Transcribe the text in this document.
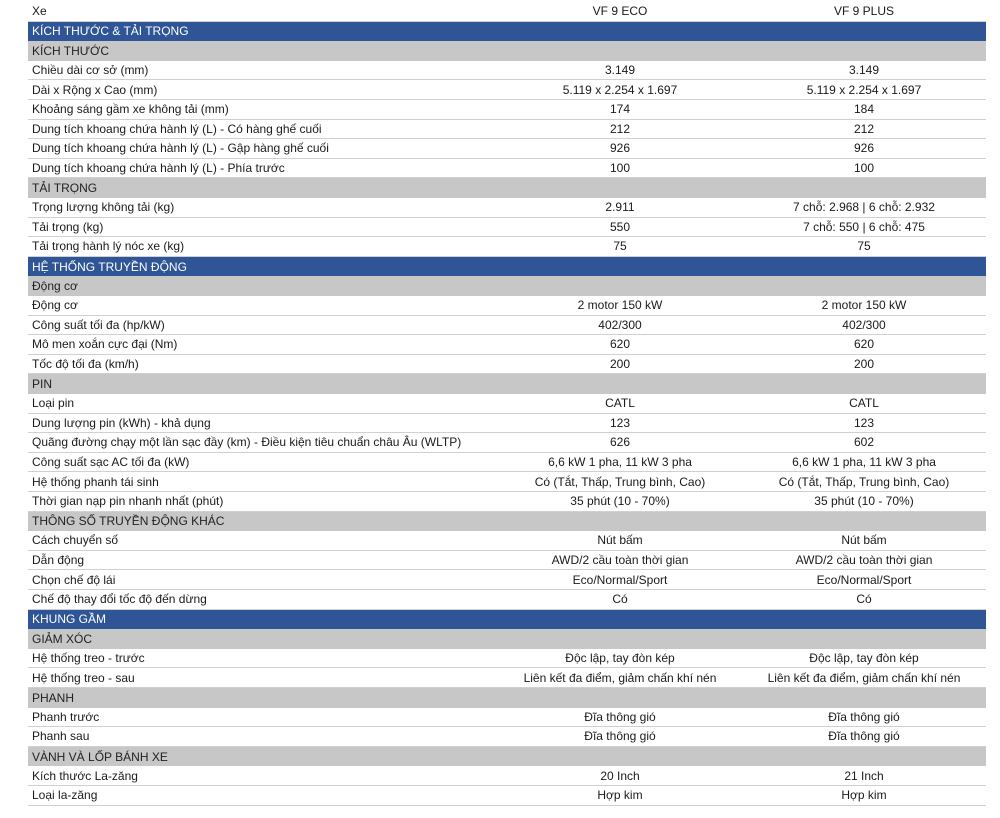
Xe	VF 9 ECO	VF 9 PLUS
KÍCH THƯỚC & TẢI TRỌNG
KÍCH THƯỚC
Chiều dài cơ sở (mm)	3.149	3.149
Dài x Rộng x Cao (mm)	5.119 x 2.254 x 1.697	5.119 x 2.254 x 1.697
Khoảng sáng gầm xe không tải (mm)	174	184
Dung tích khoang chứa hành lý (L) - Có hàng ghế cuối	212	212
Dung tích khoang chứa hành lý (L) - Gập hàng ghế cuối	926	926
Dung tích khoang chứa hành lý (L) - Phía trước	100	100
TẢI TRỌNG
Trọng lượng không tải (kg)	2.911	7 chỗ: 2.968 | 6 chỗ: 2.932
Tải trọng (kg)	550	7 chỗ: 550 | 6 chỗ: 475
Tải trọng hành lý nóc xe (kg)	75	75
HỆ THỐNG TRUYỀN ĐỘNG
Động cơ
Động cơ	2 motor 150 kW	2 motor 150 kW
Công suất tối đa (hp/kW)	402/300	402/300
Mô men xoắn cực đại (Nm)	620	620
Tốc độ tối đa (km/h)	200	200
PIN
Loại pin	CATL	CATL
Dung lượng pin (kWh) - khả dụng	123	123
Quãng đường chạy một lần sạc đầy (km) - Điều kiện tiêu chuẩn châu Âu (WLTP)	626	602
Công suất sạc AC tối đa (kW)	6,6 kW 1 pha, 11 kW 3 pha	6,6 kW 1 pha, 11 kW 3 pha
Hệ thống phanh tái sinh	Có (Tắt, Thấp, Trung bình, Cao)	Có (Tắt, Thấp, Trung bình, Cao)
Thời gian nạp pin nhanh nhất (phút)	35 phút (10 - 70%)	35 phút (10 - 70%)
THÔNG SỐ TRUYỀN ĐỘNG KHÁC
Cách chuyển số	Nút bấm	Nút bấm
Dẫn động	AWD/2 cầu toàn thời gian	AWD/2 cầu toàn thời gian
Chọn chế độ lái	Eco/Normal/Sport	Eco/Normal/Sport
Chế độ thay đổi tốc độ đến dừng	Có	Có
KHUNG GẦM
GIẢM XÓC
Hệ thống treo - trước	Độc lập, tay đòn kép	Độc lập, tay đòn kép
Hệ thống treo - sau	Liên kết đa điểm, giảm chấn khí nén	Liên kết đa điểm, giảm chấn khí nén
PHANH
Phanh trước	Đĩa thông gió	Đĩa thông gió
Phanh sau	Đĩa thông gió	Đĩa thông gió
VÀNH VÀ LỐP BÁNH XE
Kích thước La-zăng	20 Inch	21 Inch
Loại la-zăng	Hợp kim	Hợp kim
